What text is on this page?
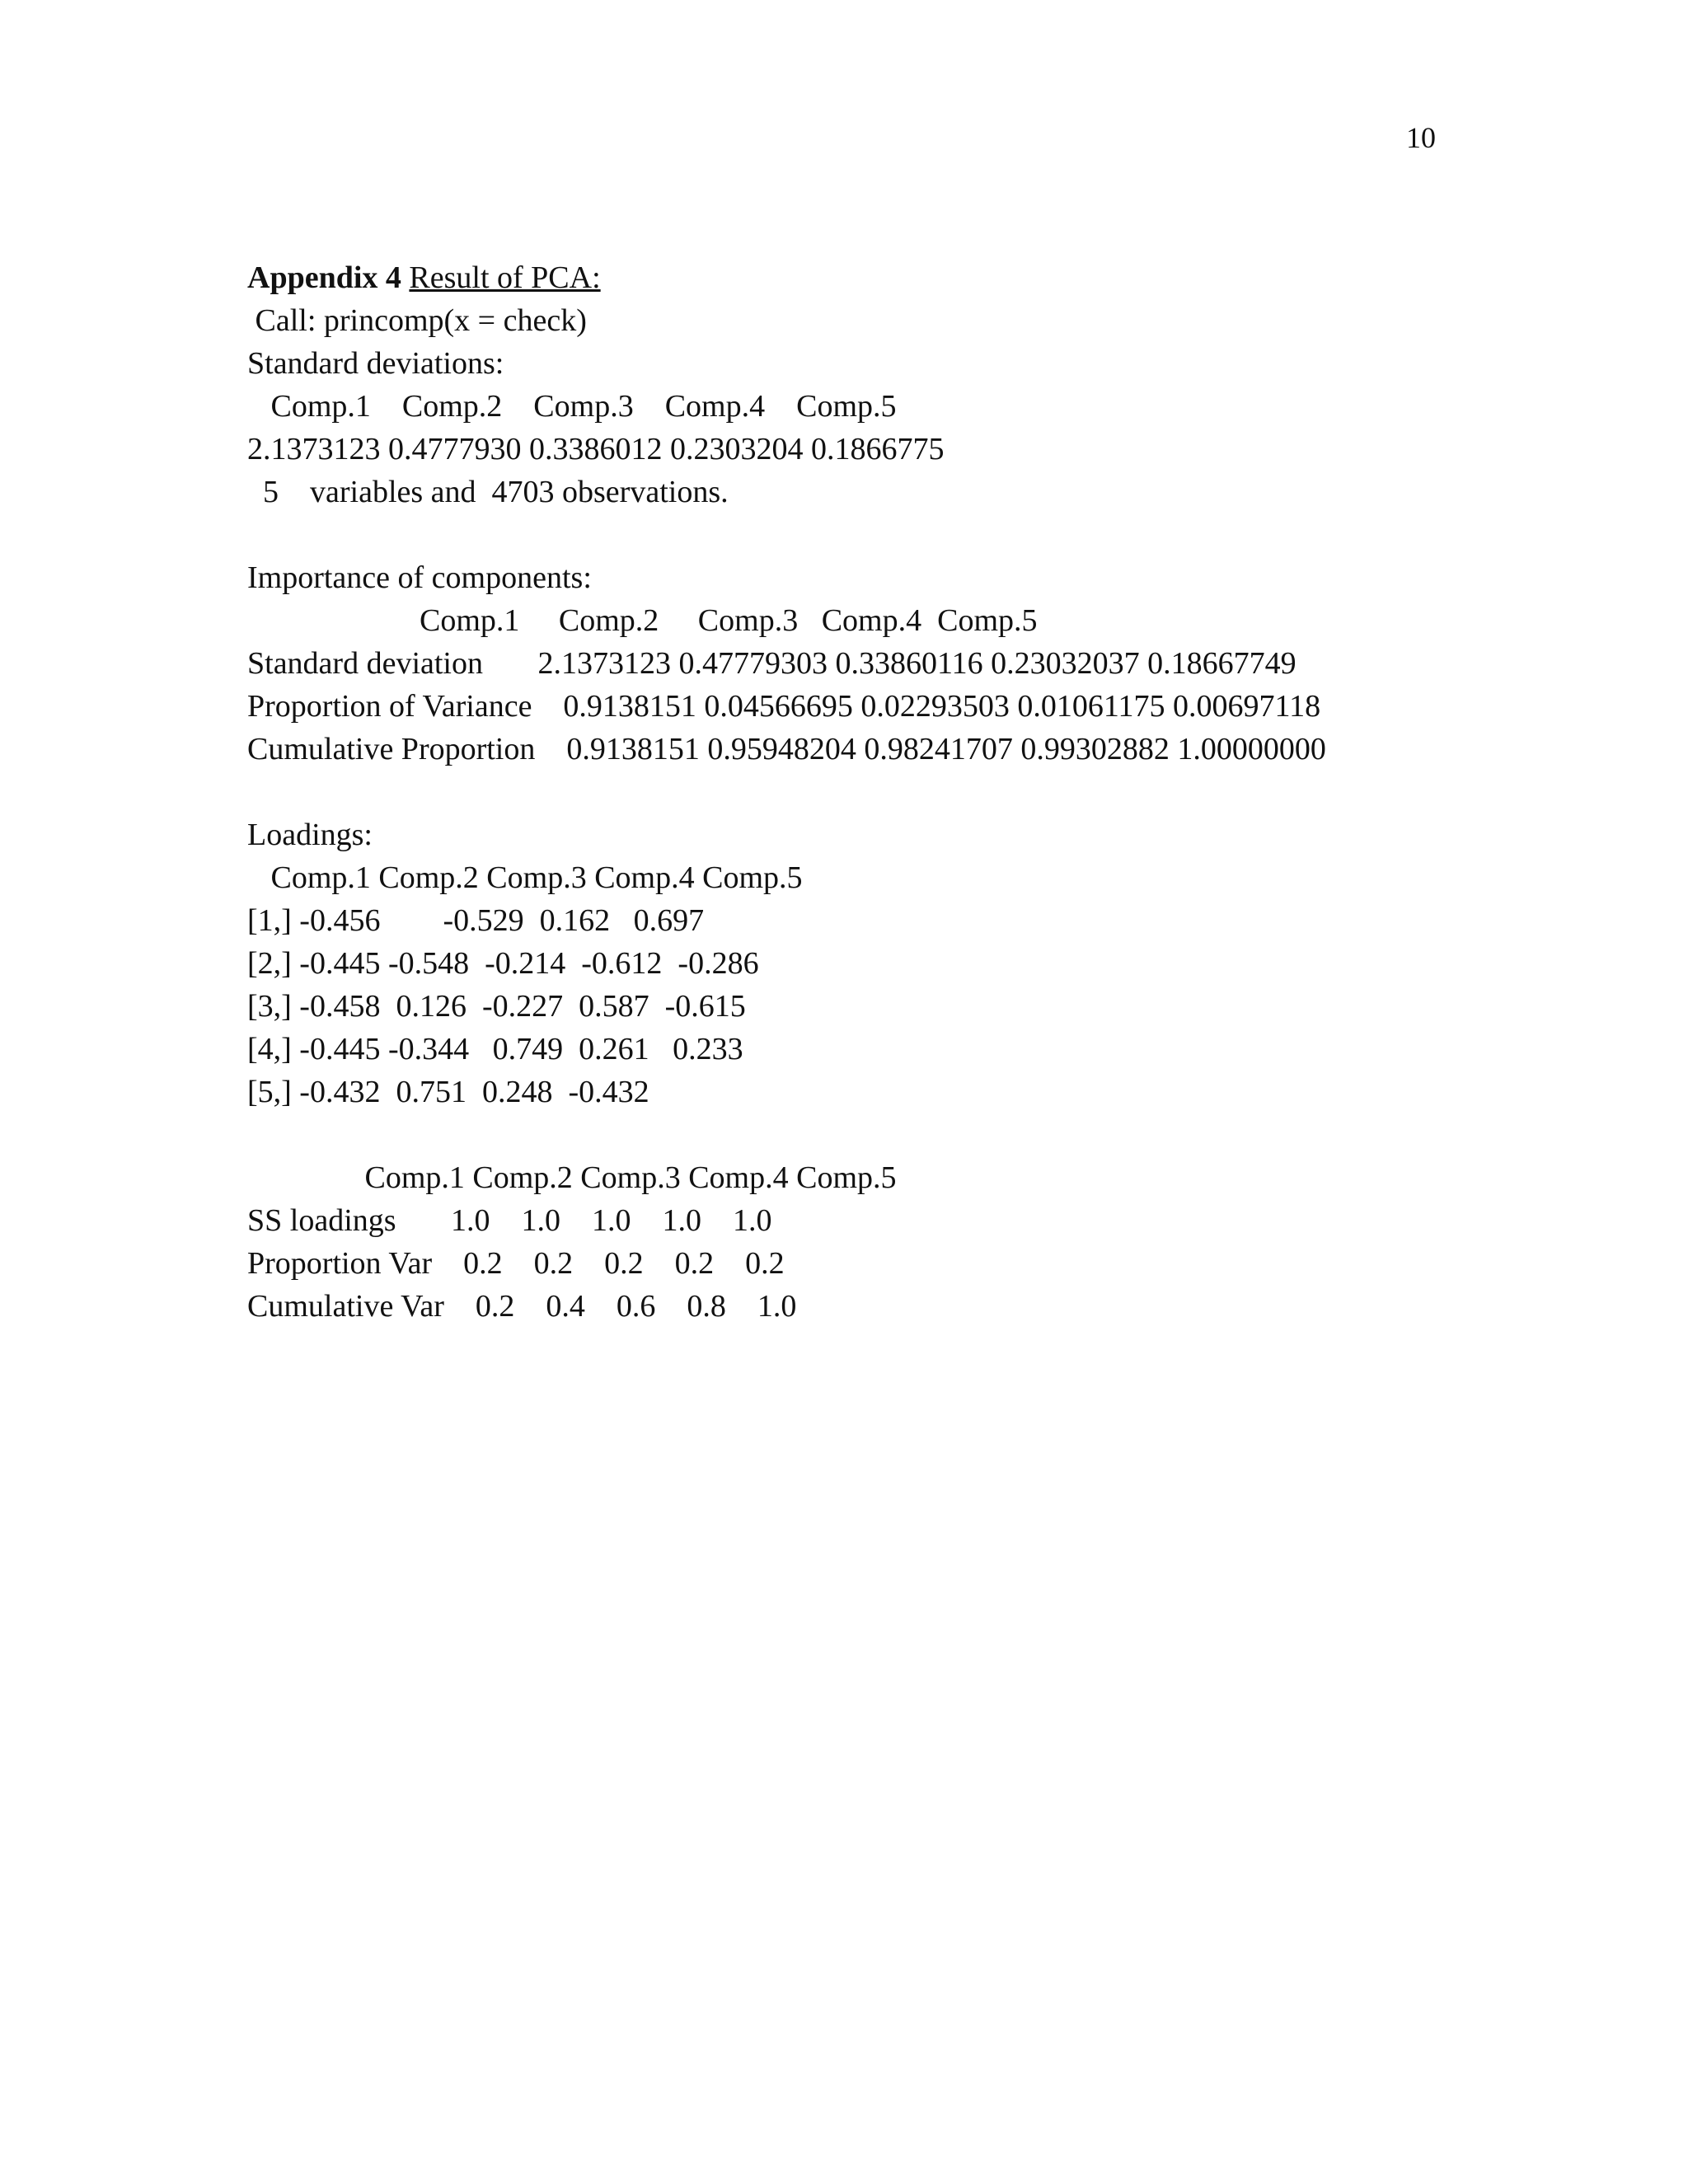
10
Appendix 4 Result of PCA:
Call: princomp(x = check)
Standard deviations:
Comp.1    Comp.2    Comp.3    Comp.4    Comp.5
2.1373123 0.4777930 0.3386012 0.2303204 0.1866775
5    variables and  4703 observations.
Importance of components:
Comp.1     Comp.2     Comp.3   Comp.4  Comp.5
Standard deviation       2.1373123 0.47779303 0.33860116 0.23032037 0.18667749
Proportion of Variance    0.9138151 0.04566695 0.02293503 0.01061175 0.00697118
Cumulative Proportion    0.9138151 0.95948204 0.98241707 0.99302882 1.00000000
Loadings:
Comp.1 Comp.2 Comp.3 Comp.4 Comp.5
[1,] -0.456        -0.529  0.162   0.697
[2,] -0.445 -0.548  -0.214  -0.612  -0.286
[3,] -0.458  0.126  -0.227  0.587  -0.615
[4,] -0.445 -0.344   0.749  0.261   0.233
[5,] -0.432  0.751  0.248  -0.432
Comp.1 Comp.2 Comp.3 Comp.4 Comp.5
SS loadings       1.0    1.0    1.0    1.0    1.0
Proportion Var    0.2    0.2    0.2    0.2    0.2
Cumulative Var    0.2    0.4    0.6    0.8    1.0
